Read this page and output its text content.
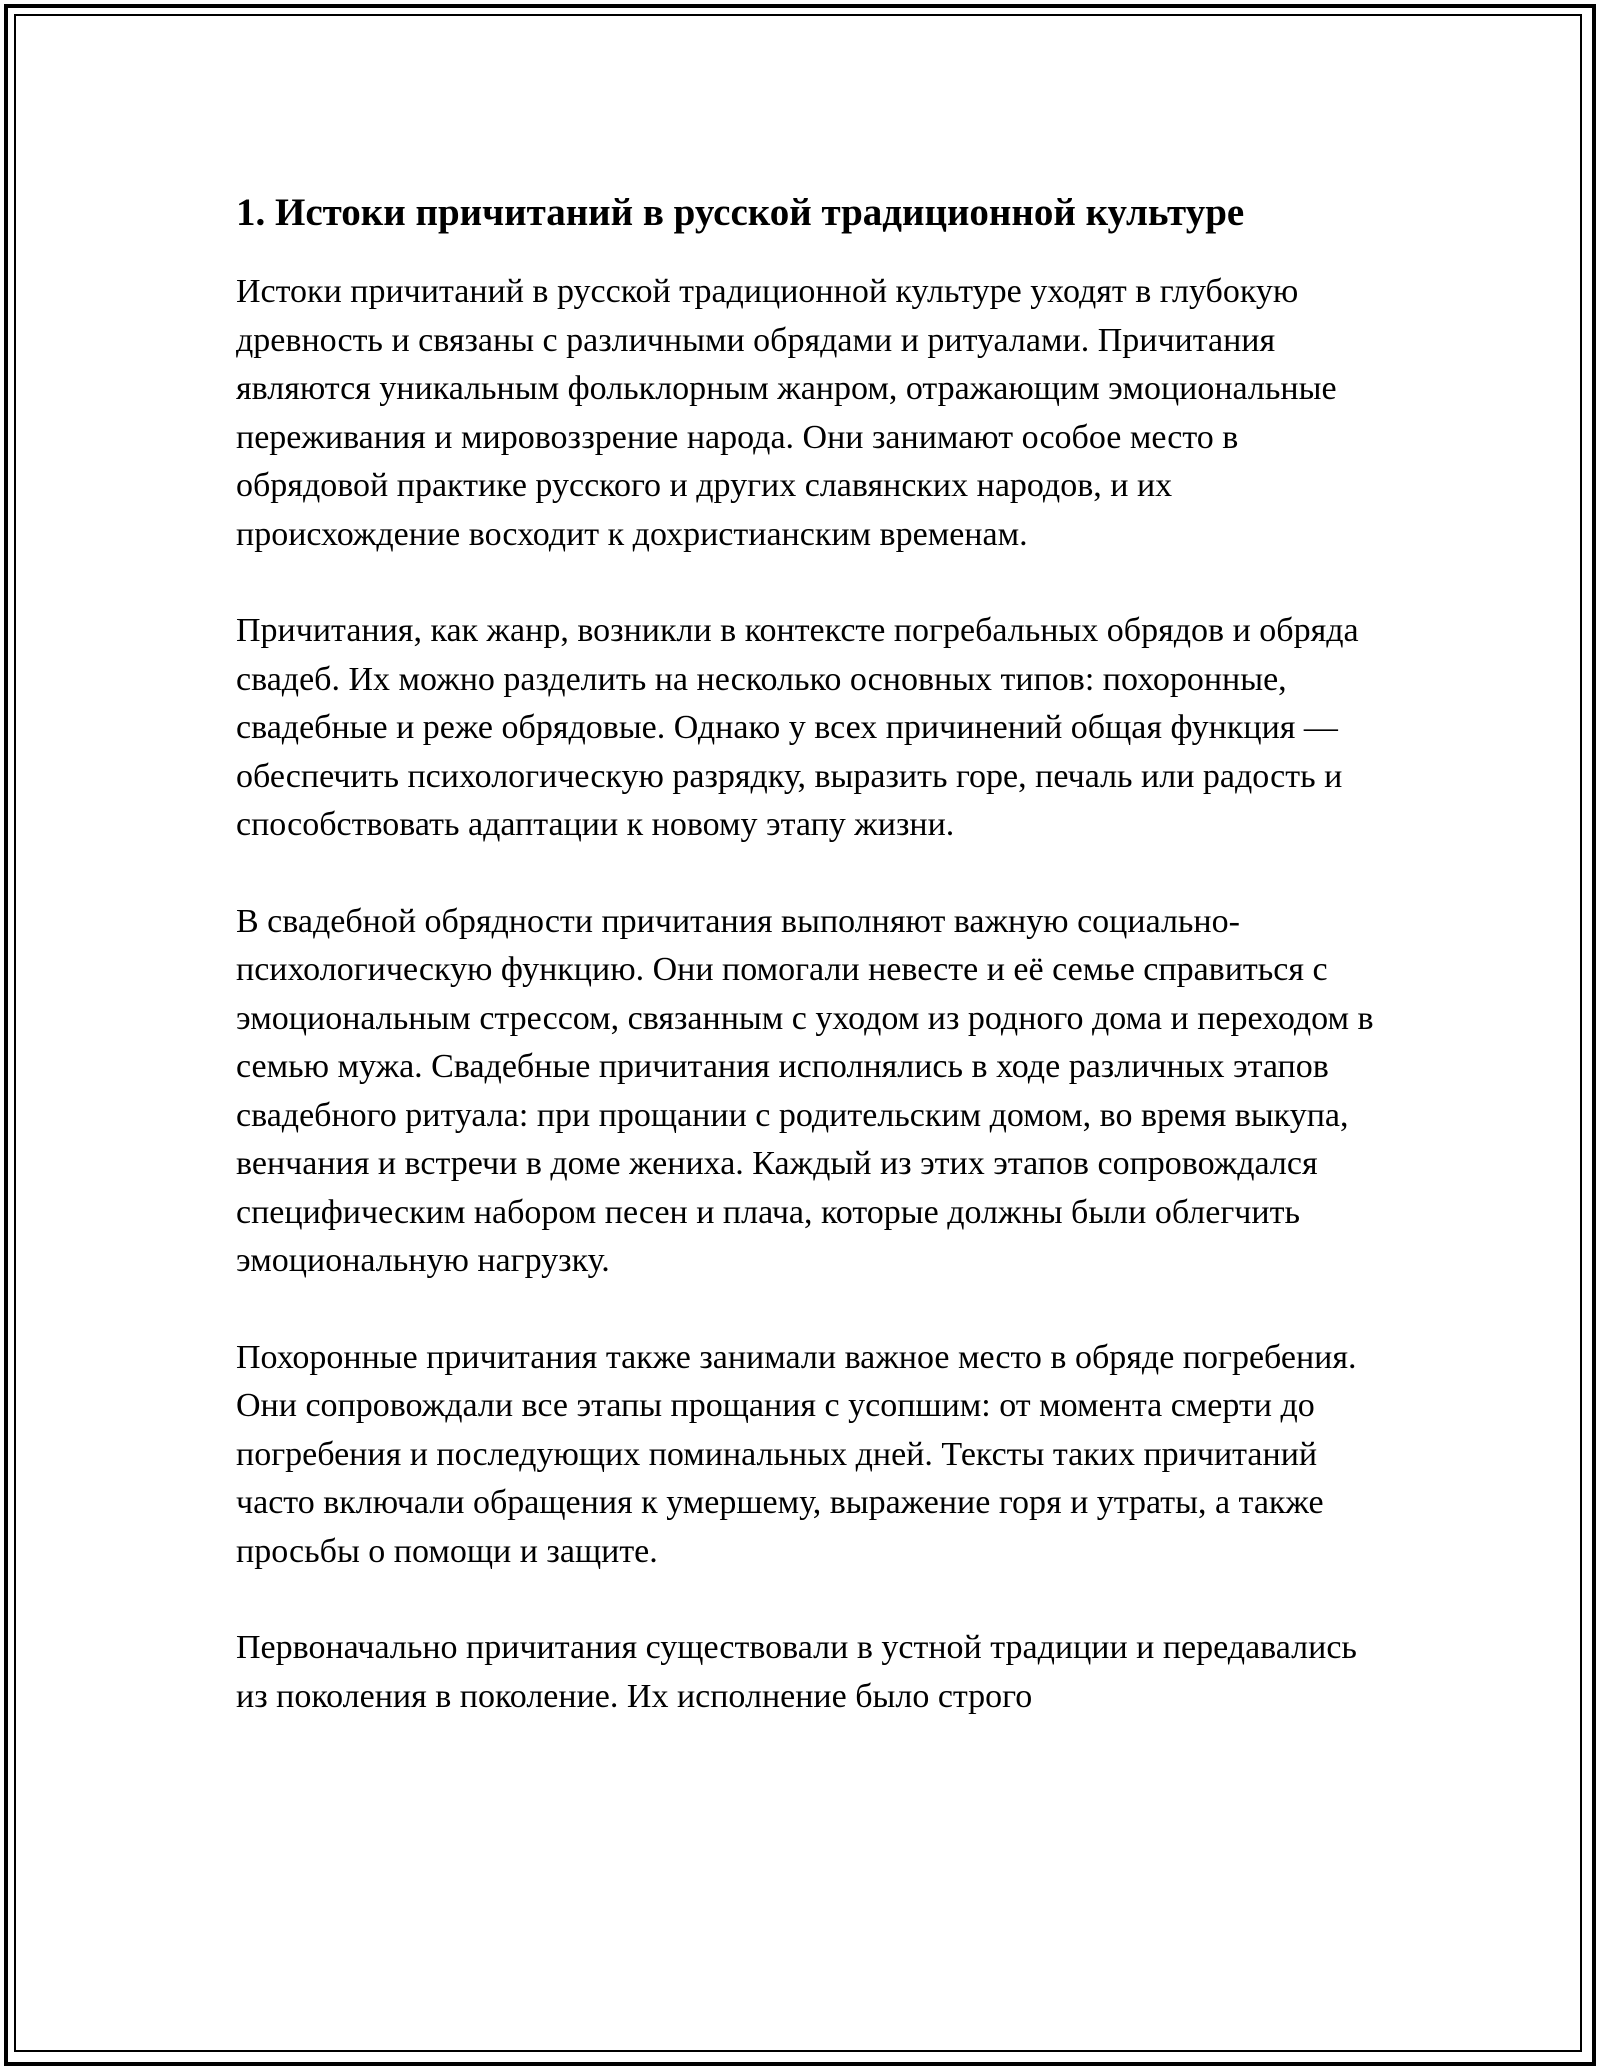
1. Истоки причитаний в русской традиционной культуре

Истоки причитаний в русской традиционной культуре уходят в глубокую древность и связаны с различными обрядами и ритуалами. Причитания являются уникальным фольклорным жанром, отражающим эмоциональные переживания и мировоззрение народа. Они занимают особое место в обрядовой практике русского и других славянских народов, и их происхождение восходит к дохристианским временам.

Причитания, как жанр, возникли в контексте погребальных обрядов и обряда свадеб. Их можно разделить на несколько основных типов: похоронные, свадебные и реже обрядовые. Однако у всех причинений общая функция — обеспечить психологическую разрядку, выразить горе, печаль или радость и способствовать адаптации к новому этапу жизни.

В свадебной обрядности причитания выполняют важную социально-психологическую функцию. Они помогали невесте и её семье справиться с эмоциональным стрессом, связанным с уходом из родного дома и переходом в семью мужа. Свадебные причитания исполнялись в ходе различных этапов свадебного ритуала: при прощании с родительским домом, во время выкупа, венчания и встречи в доме жениха. Каждый из этих этапов сопровождался специфическим набором песен и плача, которые должны были облегчить эмоциональную нагрузку.

Похоронные причитания также занимали важное место в обряде погребения. Они сопровождали все этапы прощания с усопшим: от момента смерти до погребения и последующих поминальных дней. Тексты таких причитаний часто включали обращения к умершему, выражение горя и утраты, а также просьбы о помощи и защите.

Первоначально причитания существовали в устной традиции и передавались из поколения в поколение. Их исполнение было строго
